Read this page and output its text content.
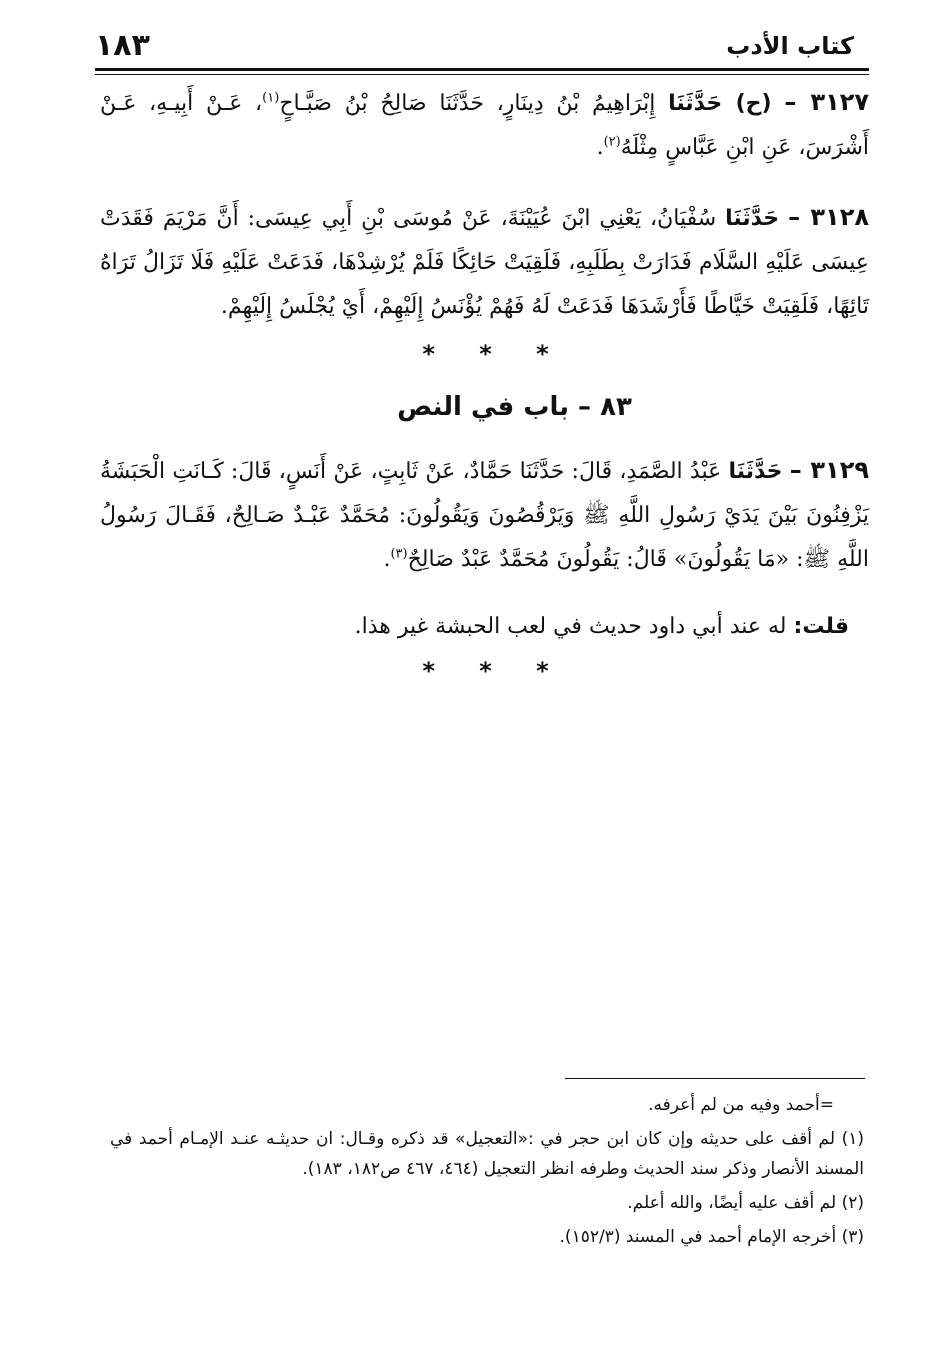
كتاب الأدب
١٨٣
٣١٢٧ – (ح) حَدَّثَنَا إِبْرَاهِيمُ بْنُ دِينَارٍ، حَدَّثَنَا صَالِحُ بْنُ صَبَّـاحٍ$^{(١)}$، عَـنْ أَبِيـهِ، عَـنْ أَشْرَسَ، عَنِ ابْنِ عَبَّاسٍ مِثْلَهُ$^{(٢)}$.
٣١٢٨ – حَدَّثَنَا سُفْيَانُ، يَعْنِي ابْنَ عُيَيْنَةَ، عَنْ مُوسَى بْنِ أَبِي عِيسَى: أَنَّ مَرْيَمَ فَقَدَتْ عِيسَى عَلَيْهِ السَّلَام فَدَارَتْ بِطَلَبِهِ، فَلَقِيَتْ حَائِكًا فَلَمْ يُرْشِدْهَا، فَدَعَتْ عَلَيْهِ فَلَا تَزَالُ تَرَاهُ تَائِهًا، فَلَقِيَتْ خَيَّاطًا فَأَرْشَدَهَا فَدَعَتْ لَهُ فَهُمْ يُؤْنَسُ إِلَيْهِمْ، أَيْ يُجْلَسُ إِلَيْهِمْ.
* * *
٨٣ – باب في النص
٣١٢٩ – حَدَّثَنَا عَبْدُ الصَّمَدِ، قَالَ: حَدَّثَنَا حَمَّادٌ، عَنْ ثَابِتٍ، عَنْ أَنَسٍ، قَالَ: كَـانَتِ الْحَبَشَةُ يَزْفِنُونَ بَيْنَ يَدَيْ رَسُولِ اللَّهِ ﷺ وَيَرْقُصُونَ وَيَقُولُونَ: مُحَمَّدٌ عَبْـدٌ صَـالِحٌ، فَقَـالَ رَسُولُ اللَّهِ ﷺ: «مَا يَقُولُونَ» قَالُ: يَقُولُونَ مُحَمَّدٌ عَبْدٌ صَالِحٌ$^{(٣)}$.
قلت: له عند أبي داود حديث في لعب الحبشة غير هذا.
* * *

=أحمد وفيه من لم أعرفه.

(١) لم أقف على حديثه وإن كان ابن حجر في :«التعجيل» قد ذكره وقـال: ان حديثـه عنـد الإمـام أحمد في المسند الأنصار وذكر سند الحديث وطرفه انظر التعجيل (٤٦٤، ٤٦٧ ص١٨٢، ١٨٣).

(٢) لم أقف عليه أيضًا، والله أعلم.

(٣) أخرجه الإمام أحمد في المسند (١٥٢/٣).
